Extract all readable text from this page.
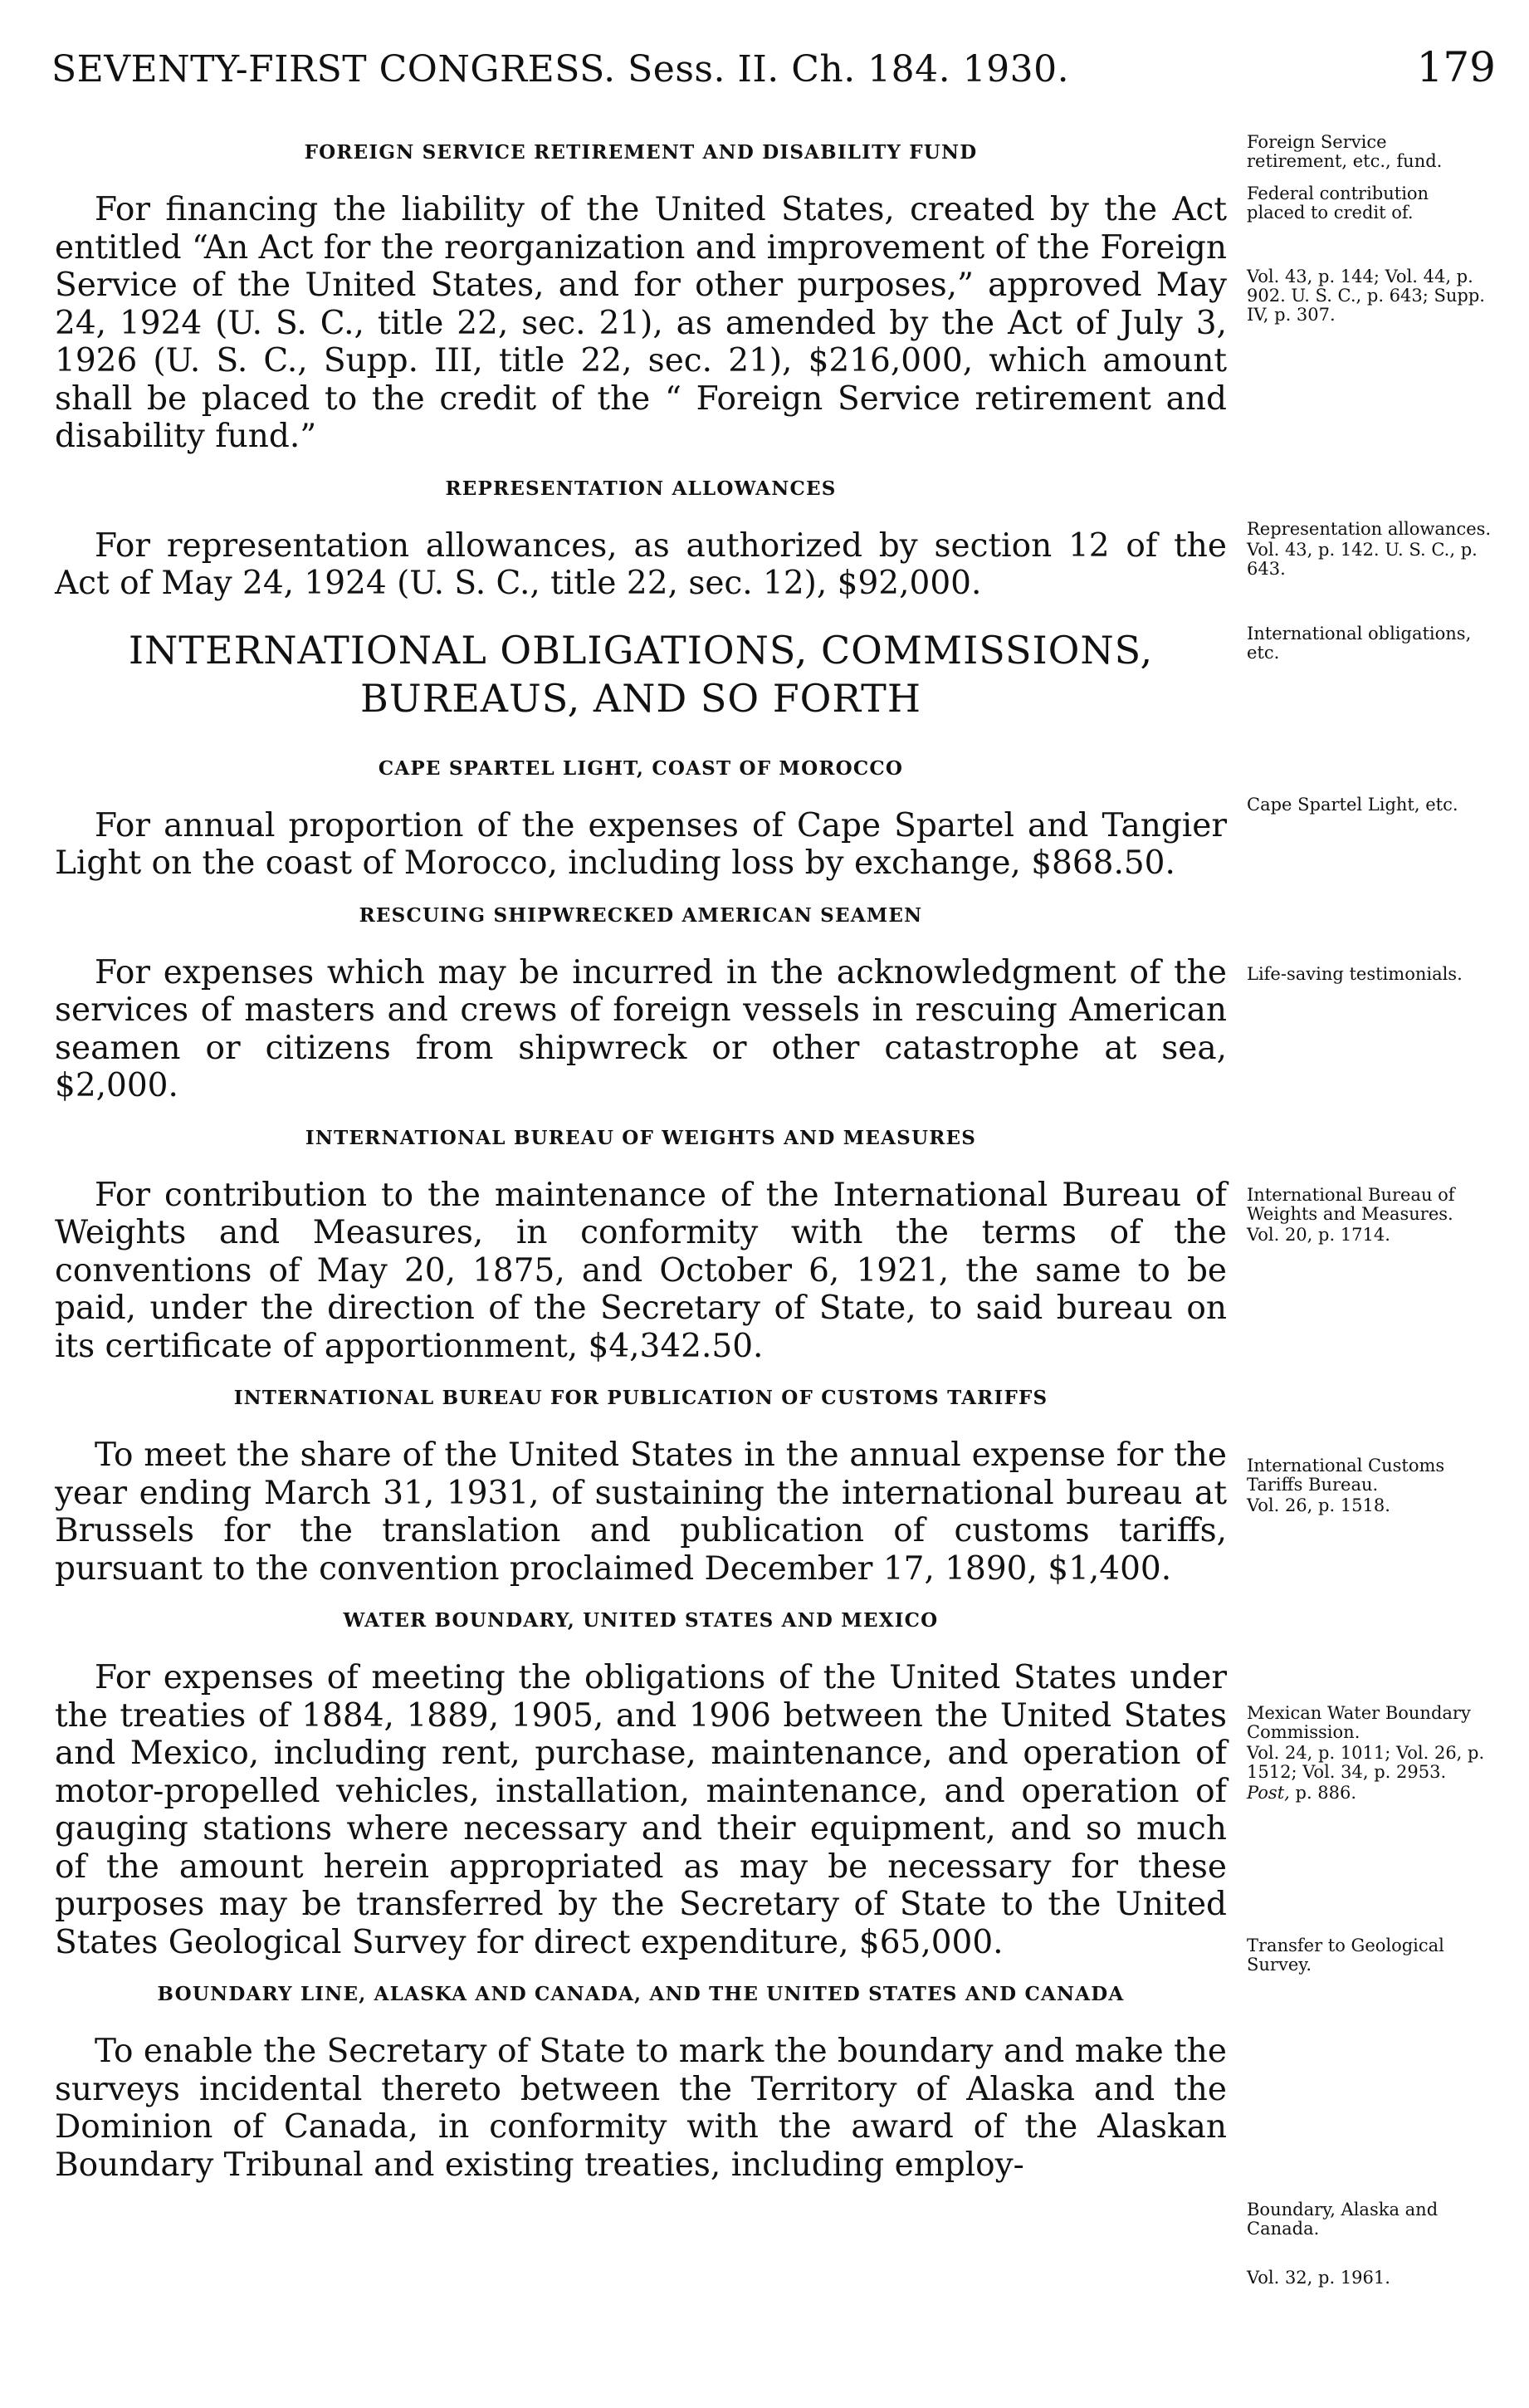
SEVENTY-FIRST CONGRESS. Sess. II. Ch. 184. 1930.	179
FOREIGN SERVICE RETIREMENT AND DISABILITY FUND

For financing the liability of the United States, created by the Act entitled “An Act for the reorganization and improvement of the Foreign Service of the United States, and for other purposes,” approved May 24, 1924 (U. S. C., title 22, sec. 21), as amended by the Act of July 3, 1926 (U. S. C., Supp. III, title 22, sec. 21), $216,000, which amount shall be placed to the credit of the “ Foreign Service retirement and disability fund.”

REPRESENTATION ALLOWANCES

For representation allowances, as authorized by section 12 of the Act of May 24, 1924 (U. S. C., title 22, sec. 12), $92,000.

INTERNATIONAL OBLIGATIONS, COMMISSIONS, BUREAUS, AND SO FORTH
CAPE SPARTEL LIGHT, COAST OF MOROCCO

For annual proportion of the expenses of Cape Spartel and Tangier Light on the coast of Morocco, including loss by exchange, $868.50.

RESCUING SHIPWRECKED AMERICAN SEAMEN

For expenses which may be incurred in the acknowledgment of the services of masters and crews of foreign vessels in rescuing American seamen or citizens from shipwreck or other catastrophe at sea, $2,000.

INTERNATIONAL BUREAU OF WEIGHTS AND MEASURES

For contribution to the maintenance of the International Bureau of Weights and Measures, in conformity with the terms of the conventions of May 20, 1875, and October 6, 1921, the same to be paid, under the direction of the Secretary of State, to said bureau on its certificate of apportionment, $4,342.50.

INTERNATIONAL BUREAU FOR PUBLICATION OF CUSTOMS TARIFFS

To meet the share of the United States in the annual expense for the year ending March 31, 1931, of sustaining the international bureau at Brussels for the translation and publication of customs tariffs, pursuant to the convention proclaimed December 17, 1890, $1,400.

WATER BOUNDARY, UNITED STATES AND MEXICO

For expenses of meeting the obligations of the United States under the treaties of 1884, 1889, 1905, and 1906 between the United States and Mexico, including rent, purchase, maintenance, and operation of motor-propelled vehicles, installation, maintenance, and operation of gauging stations where necessary and their equipment, and so much of the amount herein appropriated as may be necessary for these purposes may be transferred by the Secretary of State to the United States Geological Survey for direct expenditure, $65,000.

BOUNDARY LINE, ALASKA AND CANADA, AND THE UNITED STATES AND CANADA

To enable the Secretary of State to mark the boundary and make the surveys incidental thereto between the Territory of Alaska and the Dominion of Canada, in conformity with the award of the Alaskan Boundary Tribunal and existing treaties, including employ-

Foreign Service retirement, etc., fund.
Federal contribution placed to credit of.
Vol. 43, p. 144; Vol. 44, p. 902. U. S. C., p. 643; Supp. IV, p. 307.
Representation allowances.
Vol. 43, p. 142. U. S. C., p. 643.
International obligations, etc.
Cape Spartel Light, etc.
Life-saving testimonials.
International Bureau of Weights and Measures.
Vol. 20, p. 1714.
International Customs Tariffs Bureau.
Vol. 26, p. 1518.
Mexican Water Boundary Commission.
Vol. 24, p. 1011; Vol. 26, p. 1512; Vol. 34, p. 2953.
Post, p. 886.
Transfer to Geological Survey.
Boundary, Alaska and Canada.
Vol. 32, p. 1961.
